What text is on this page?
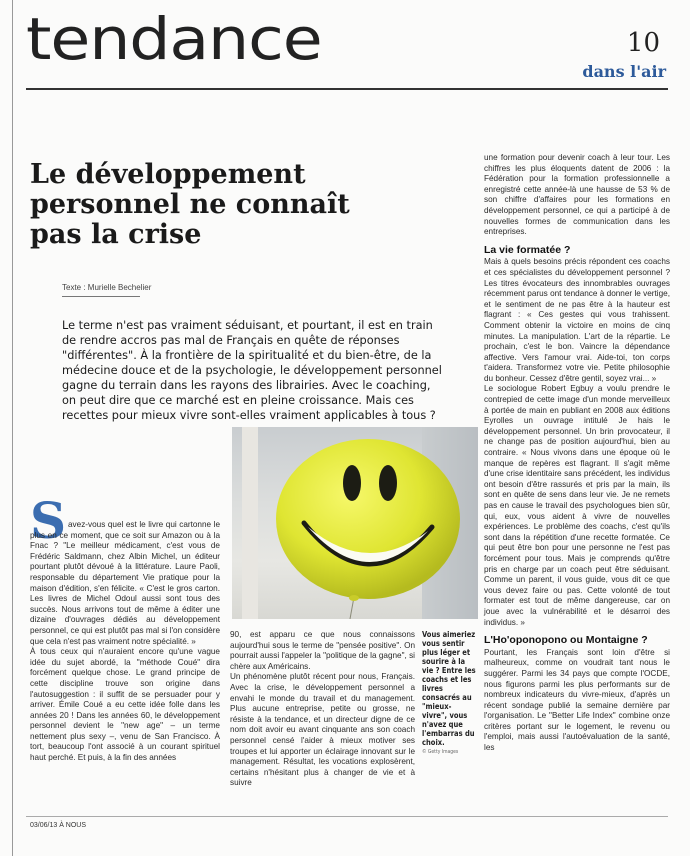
tendance	10
dans l'air
Le développement personnel ne connaît pas la crise
Texte : Murielle Bechelier
Le terme n'est pas vraiment séduisant, et pourtant, il est en train de rendre accros pas mal de Français en quête de réponses "différentes". À la frontière de la spiritualité et du bien-être, de la médecine douce et de la psychologie, le développement personnel gagne du terrain dans les rayons des librairies. Avec le coaching, on peut dire que ce marché est en pleine croissance. Mais ces recettes pour mieux vivre sont-elles vraiment applicables à tous ?
S avez-vous quel est le livre qui cartonne le plus en ce moment, que ce soit sur Amazon ou à la Fnac ? "Le meilleur médicament, c'est vous de Frédéric Saldmann, chez Albin Michel, un éditeur pourtant plutôt dévoué à la littérature. Laure Paoli, responsable du département Vie pratique pour la maison d'édition, s'en félicite. « C'est le gros carton. Les livres de Michel Odoul aussi sont tous des succès. Nous arrivons tout de même à éditer une dizaine d'ouvrages dédiés au développement personnel, ce qui est plutôt pas mal si l'on considère que cela n'est pas vraiment notre spécialité. »

À tous ceux qui n'auraient encore qu'une vague idée du sujet abordé, la "méthode Coué" dira forcément quelque chose. Le grand principe de cette discipline trouve son origine dans l'autosuggestion : il suffit de se persuader pour y arriver. Émile Coué a eu cette idée folle dans les années 20 ! Dans les années 60, le développement personnel devient le "new age" – un terme nettement plus sexy –, venu de San Francisco. À tort, beaucoup l'ont associé à un courant spirituel haut perché. Et puis, à la fin des années

90, est apparu ce que nous connaissons aujourd'hui sous le terme de "pensée positive". On pourrait aussi l'appeler la "politique de la gagne", si chère aux Américains.

Un phénomène plutôt récent pour nous, Français. Avec la crise, le développement personnel a envahi le monde du travail et du management. Plus aucune entreprise, petite ou grosse, ne résiste à la tendance, et un directeur digne de ce nom doit avoir eu avant cinquante ans son coach personnel censé l'aider à mieux motiver ses troupes et lui apporter un éclairage innovant sur le management. Résultat, les vocations explosèrent, certains n'hésitant plus à changer de vie et à suivre

Vous aimeriez vous sentir plus léger et sourire à la vie ? Entre les coachs et les livres consacrés au "mieux-vivre", vous n'avez que l'embarras du choix.
© Getty Images

une formation pour devenir coach à leur tour. Les chiffres les plus éloquents datent de 2006 : la Fédération pour la formation professionnelle a enregistré cette année-là une hausse de 53 % de son chiffre d'affaires pour les formations en développement personnel, ce qui a participé à de nouvelles formes de communication dans les entreprises.

La vie formatée ?

Mais à quels besoins précis répondent ces coachs et ces spécialistes du développement personnel ? Les titres évocateurs des innombrables ouvrages récemment parus ont tendance à donner le vertige, et le sentiment de ne pas être à la hauteur est flagrant : « Ces gestes qui vous trahissent. Comment obtenir la victoire en moins de cinq minutes. La manipulation. L'art de la répartie. Le prochain, c'est le bon. Vaincre la dépendance affective. Vers l'amour vrai. Aide-toi, ton corps t'aidera. Transformez votre vie. Petite philosophie du bonheur. Cessez d'être gentil, soyez vrai... »

Le sociologue Robert Egbuy a voulu prendre le contrepied de cette image d'un monde merveilleux à portée de main en publiant en 2008 aux éditions Eyrolles un ouvrage intitulé Je hais le développement personnel. Un brin provocateur, il ne change pas de position aujourd'hui, bien au contraire. « Nous vivons dans une époque où le manque de repères est flagrant. Il s'agit même d'une crise identitaire sans précédent, les individus ont besoin d'être rassurés et pris par la main, ils sont en quête de sens dans leur vie. Je ne remets pas en cause le travail des psychologues bien sûr, qui, eux, vous aident à vivre de nouvelles expériences. Le problème des coachs, c'est qu'ils sont dans la répétition d'une recette formatée. Ce qui peut être bon pour une personne ne l'est pas forcément pour tous. Mais je comprends qu'être pris en charge par un coach peut être séduisant. Comme un parent, il vous guide, vous dit ce que vous devez faire ou pas. Cette volonté de tout formater est tout de même dangereuse, car on joue avec la vulnérabilité et le désarroi des individus. »

L'Ho'oponopono ou Montaigne ?

Pourtant, les Français sont loin d'être si malheureux, comme on voudrait tant nous le suggérer. Parmi les 34 pays que compte l'OCDE, nous figurons parmi les plus performants sur de nombreux indicateurs du vivre-mieux, d'après un récent sondage publié la semaine dernière par l'organisation. Le "Better Life Index" combine onze critères portant sur le logement, le revenu ou l'emploi, mais aussi l'autoévaluation de la santé, les

03/06/13 À NOUS
